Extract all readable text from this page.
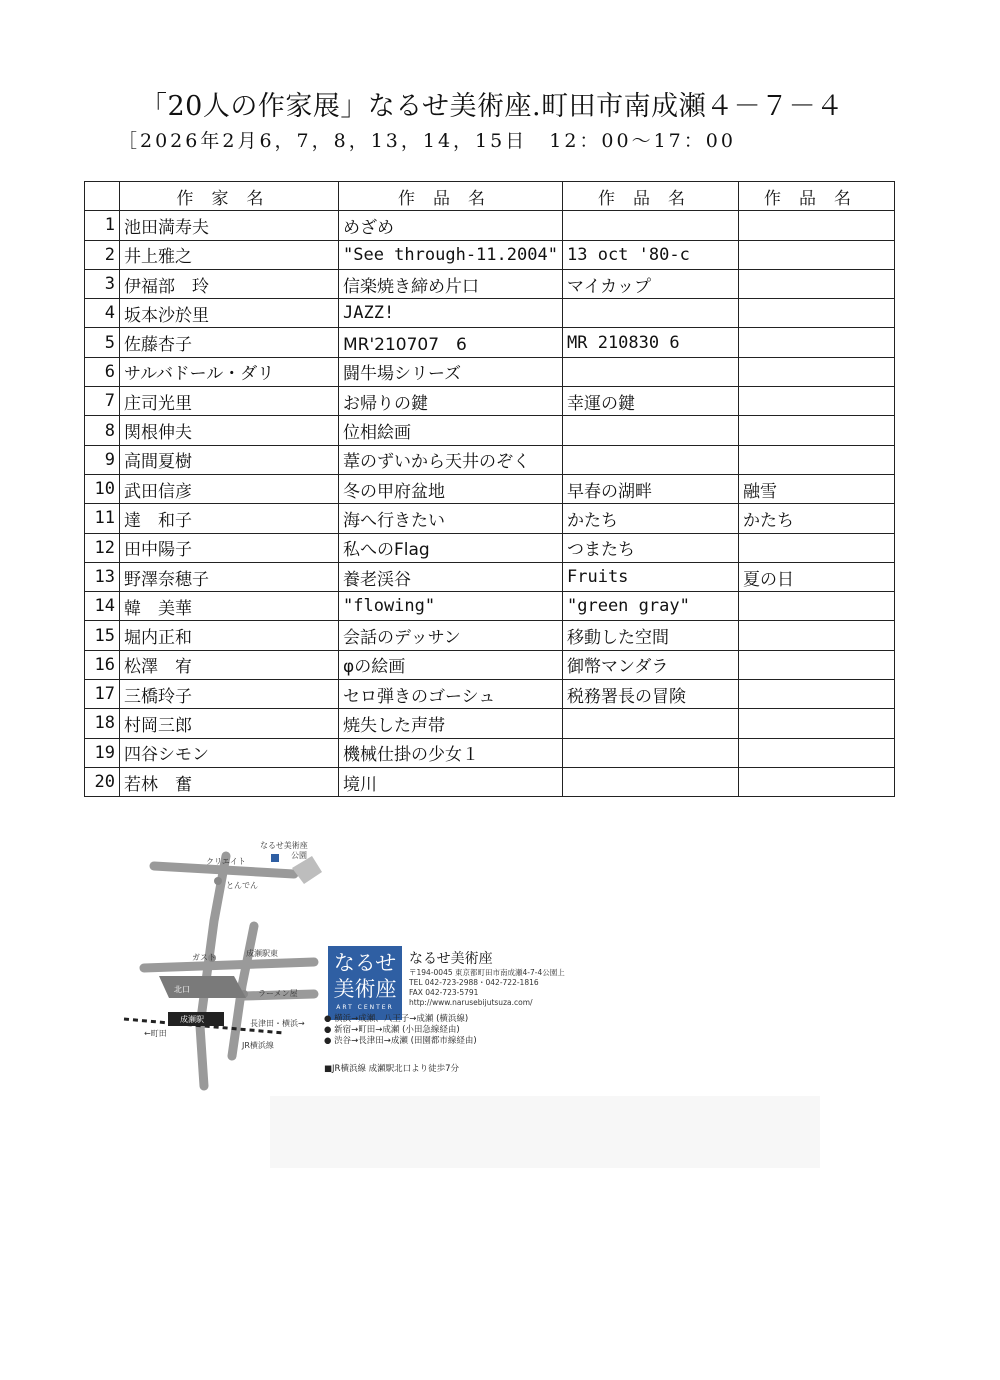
「20人の作家展」なるせ美術座.町田市南成瀬４－７－４
［2026年2月6，7，8，13，14，15日　12：00〜17：00
	作家名	作品名	作品名	作品名
1	池田満寿夫	めざめ		
2	井上雅之	"See through-11.2004"	13 oct '80-c	
3	伊福部　玲	信楽焼き締め片口	マイカップ	
4	坂本沙於里	JAZZ!		
5	佐藤杏子	MR'210707　6	MR 210830 6	
6	サルバドール・ダリ	闘牛場シリーズ		
7	庄司光里	お帰りの鍵	幸運の鍵	
8	関根伸夫	位相絵画		
9	高間夏樹	葦のずいから天井のぞく		
10	武田信彦	冬の甲府盆地	早春の湖畔	融雪
11	達　和子	海へ行きたい	かたち	かたち
12	田中陽子	私へのFlag	つまたち	
13	野澤奈穂子	養老渓谷	Fruits	夏の日
14	韓　美華	"flowing"	"green gray"	
15	堀内正和	会話のデッサン	移動した空間	
16	松澤　宥	φの絵画	御幣マンダラ	
17	三橋玲子	セロ弾きのゴーシュ	税務署長の冒険	
18	村岡三郎	焼失した声帯		
19	四谷シモン	機械仕掛の少女１		
20	若林　奮	境川		
なるせ美術座
クリエイト
公園
とんでん
ガスト	成瀬駅東
北口	ラーメン屋
成瀬駅
←町田
長津田・横浜→
JR横浜線
なるせ
美術座
ART CENTER
なるせ美術座
〒194-0045 東京都町田市南成瀬4-7-4公園上
TEL 042-723-2988・042-722-1816
FAX 042-723-5791
http://www.narusebijutsuza.com/
● 横浜→成瀬、八王子→成瀬 (横浜線)
● 新宿→町田→成瀬 (小田急線経由)
● 渋谷→長津田→成瀬 (田園都市線経由)
■JR横浜線 成瀬駅北口より徒歩7分
